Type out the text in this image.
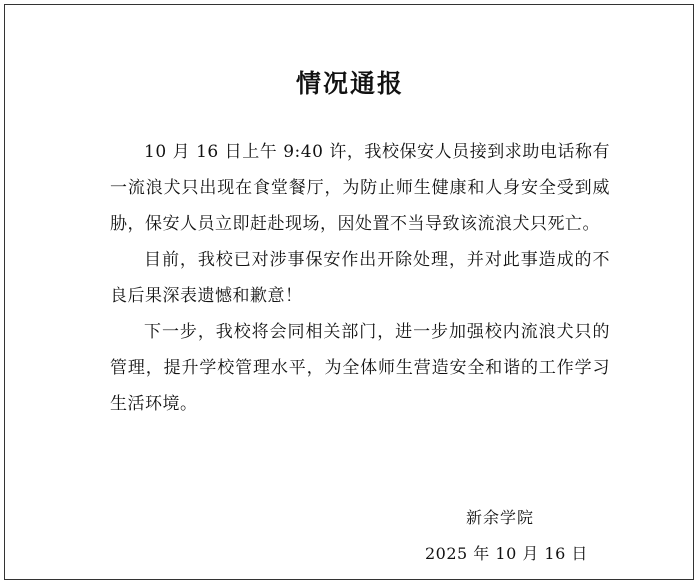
情况通报

10 月 16 日上午 9:40 许，我校保安人员接到求助电话称有一流浪犬只出现在食堂餐厅，为防止师生健康和人身安全受到威胁，保安人员立即赶赴现场，因处置不当导致该流浪犬只死亡。

目前，我校已对涉事保安作出开除处理，并对此事造成的不良后果深表遗憾和歉意！

下一步，我校将会同相关部门，进一步加强校内流浪犬只的管理，提升学校管理水平，为全体师生营造安全和谐的工作学习生活环境。

新余学院
2025 年 10 月 16 日
